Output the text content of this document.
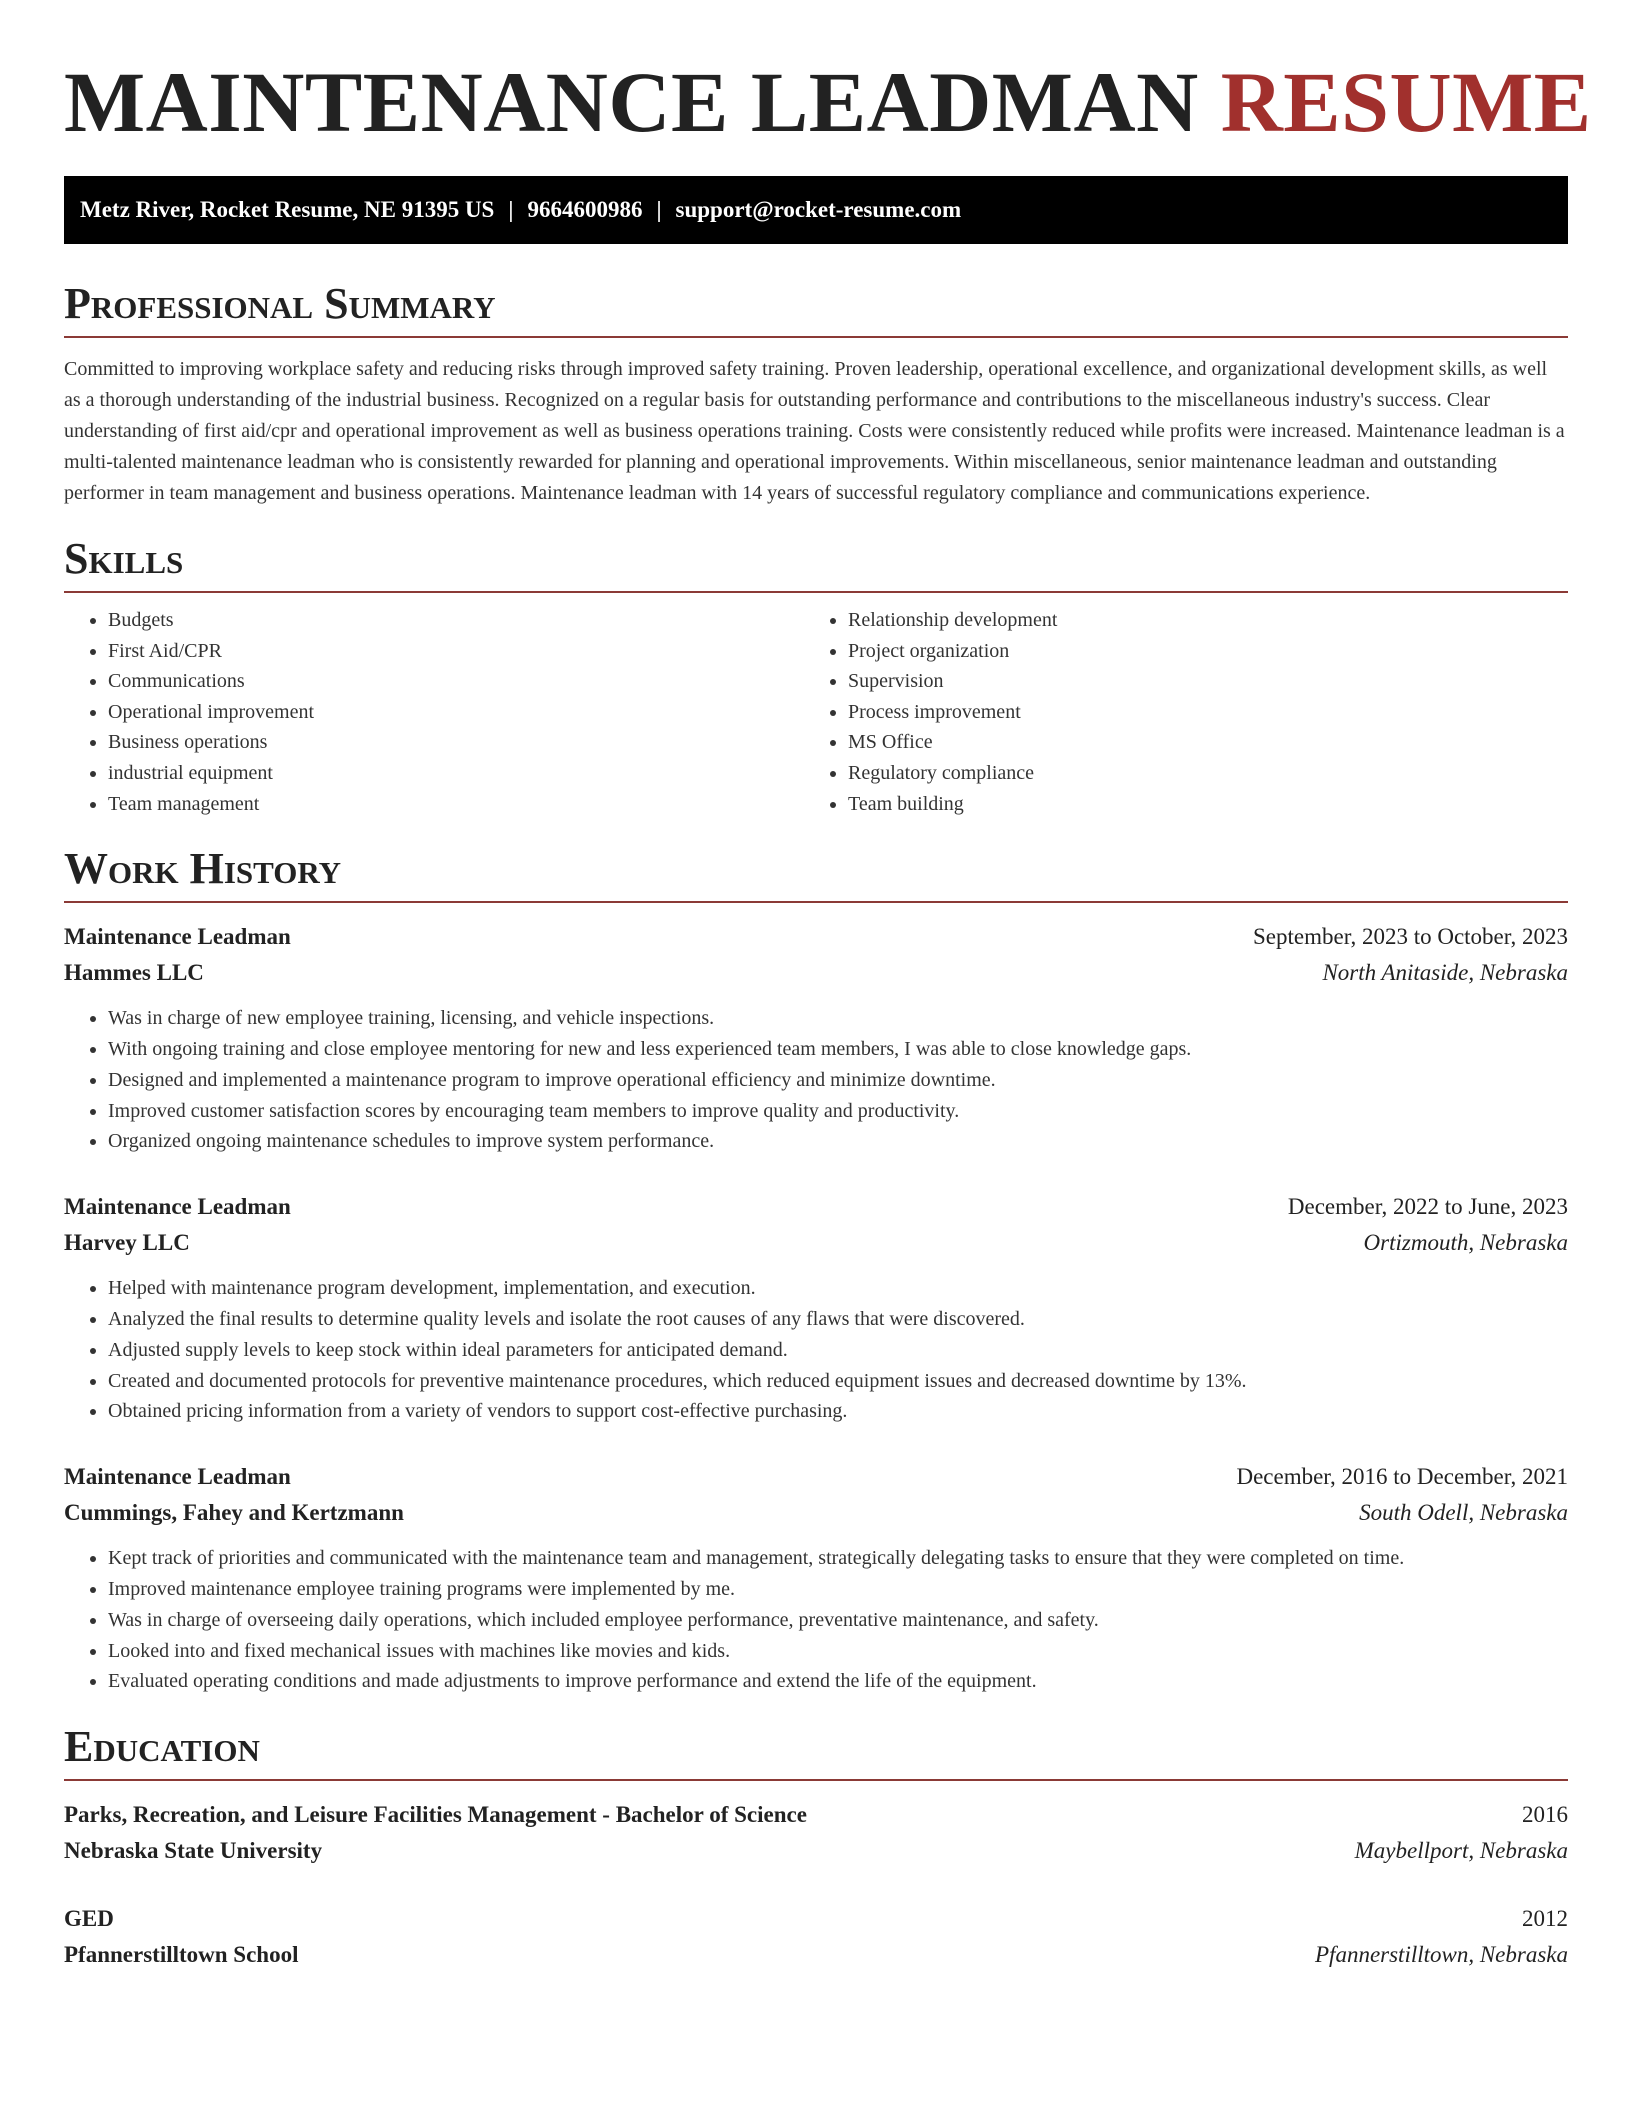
MAINTENANCE LEADMAN RESUME
Metz River, Rocket Resume, NE 91395 US | 9664600986 | support@rocket-resume.com
Professional Summary

Committed to improving workplace safety and reducing risks through improved safety training. Proven leadership, operational excellence, and organizational development skills, as well as a thorough understanding of the industrial business. Recognized on a regular basis for outstanding performance and contributions to the miscellaneous industry's success. Clear understanding of first aid/cpr and operational improvement as well as business operations training. Costs were consistently reduced while profits were increased. Maintenance leadman is a multi-talented maintenance leadman who is consistently rewarded for planning and operational improvements. Within miscellaneous, senior maintenance leadman and outstanding performer in team management and business operations. Maintenance leadman with 14 years of successful regulatory compliance and communications experience.

Skills
• Budgets
• First Aid/CPR
• Communications
• Operational improvement
• Business operations
• industrial equipment
• Team management
• Relationship development
• Project organization
• Supervision
• Process improvement
• MS Office
• Regulatory compliance
• Team building
Work History
Maintenance Leadman	September, 2023 to October, 2023
Hammes LLC	North Anitaside, Nebraska
• Was in charge of new employee training, licensing, and vehicle inspections.
• With ongoing training and close employee mentoring for new and less experienced team members, I was able to close knowledge gaps.
• Designed and implemented a maintenance program to improve operational efficiency and minimize downtime.
• Improved customer satisfaction scores by encouraging team members to improve quality and productivity.
• Organized ongoing maintenance schedules to improve system performance.
Maintenance Leadman	December, 2022 to June, 2023
Harvey LLC	Ortizmouth, Nebraska
• Helped with maintenance program development, implementation, and execution.
• Analyzed the final results to determine quality levels and isolate the root causes of any flaws that were discovered.
• Adjusted supply levels to keep stock within ideal parameters for anticipated demand.
• Created and documented protocols for preventive maintenance procedures, which reduced equipment issues and decreased downtime by 13%.
• Obtained pricing information from a variety of vendors to support cost-effective purchasing.
Maintenance Leadman	December, 2016 to December, 2021
Cummings, Fahey and Kertzmann	South Odell, Nebraska
• Kept track of priorities and communicated with the maintenance team and management, strategically delegating tasks to ensure that they were completed on time.
• Improved maintenance employee training programs were implemented by me.
• Was in charge of overseeing daily operations, which included employee performance, preventative maintenance, and safety.
• Looked into and fixed mechanical issues with machines like movies and kids.
• Evaluated operating conditions and made adjustments to improve performance and extend the life of the equipment.
Education
Parks, Recreation, and Leisure Facilities Management - Bachelor of Science	2016
Nebraska State University	Maybellport, Nebraska
GED	2012
Pfannerstilltown School	Pfannerstilltown, Nebraska
